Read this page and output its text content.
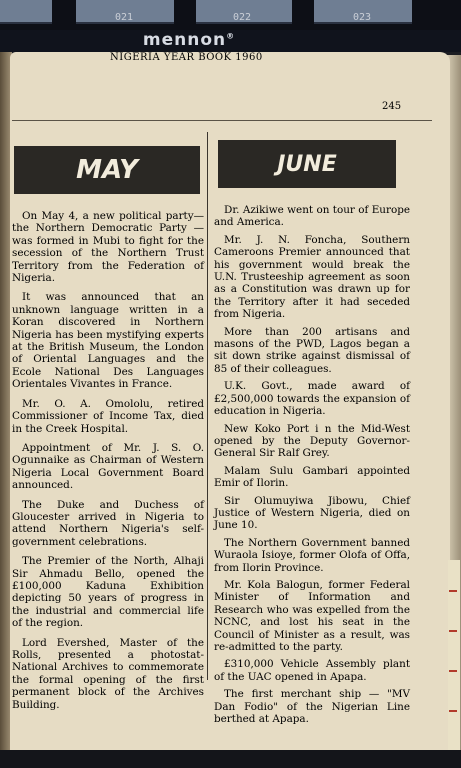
021	022	023
mennon®
NIGERIA YEAR BOOK 1960
245
MAY	JUNE

On May 4, a new political party—the Northern Democratic Party — was formed in Mubi to fight for the secession of the Northern Trust Territory from the Federation of Nigeria.

It was announced that an unknown language written in a Koran discovered in Northern Nigeria has been mystifying experts at the British Museum, the London of Oriental Languages and the Ecole National Des Languages Orientales Vivantes in France.

Mr. O. A. Omololu, retired Commissioner of Income Tax, died in the Creek Hospital.

Appointment of Mr. J. S. O. Ogunnaike as Chairman of Western Nigeria Local Government Board announced.

The Duke and Duchess of Gloucester arrived in Nigeria to attend Northern Nigeria's self-government celebrations.

The Premier of the North, Alhaji Sir Ahmadu Bello, opened the £100,000 Kaduna Exhibition depicting 50 years of progress in the industrial and commercial life of the region.

Lord Evershed, Master of the Rolls, presented a photostat-National Archives to commemorate the formal opening of the first permanent block of the Archives Building.

Dr. Azikiwe went on tour of Europe and America.

Mr. J. N. Foncha, Southern Cameroons Premier announced that his government would break the U.N. Trusteeship agreement as soon as a Constitution was drawn up for the Territory after it had seceded from Nigeria.

More than 200 artisans and masons of the PWD, Lagos began a sit down strike against dismissal of 85 of their colleagues.

U.K. Govt., made award of £2,500,000 towards the expansion of education in Nigeria.

New Koko Port i n the Mid-West opened by the Deputy Governor-General Sir Ralf Grey.

Malam Sulu Gambari appointed Emir of Ilorin.

Sir Olumuyiwa Jibowu, Chief Justice of Western Nigeria, died on June 10.

The Northern Government banned Wuraola Isioye, former Olofa of Offa, from Ilorin Province.

Mr. Kola Balogun, former Federal Minister of Information and Research who was expelled from the NCNC, and lost his seat in the Council of Minister as a result, was re-admitted to the party.

£310,000 Vehicle Assembly plant of the UAC opened in Apapa.

The first merchant ship — "MV Dan Fodio" of the Nigerian Line berthed at Apapa.
